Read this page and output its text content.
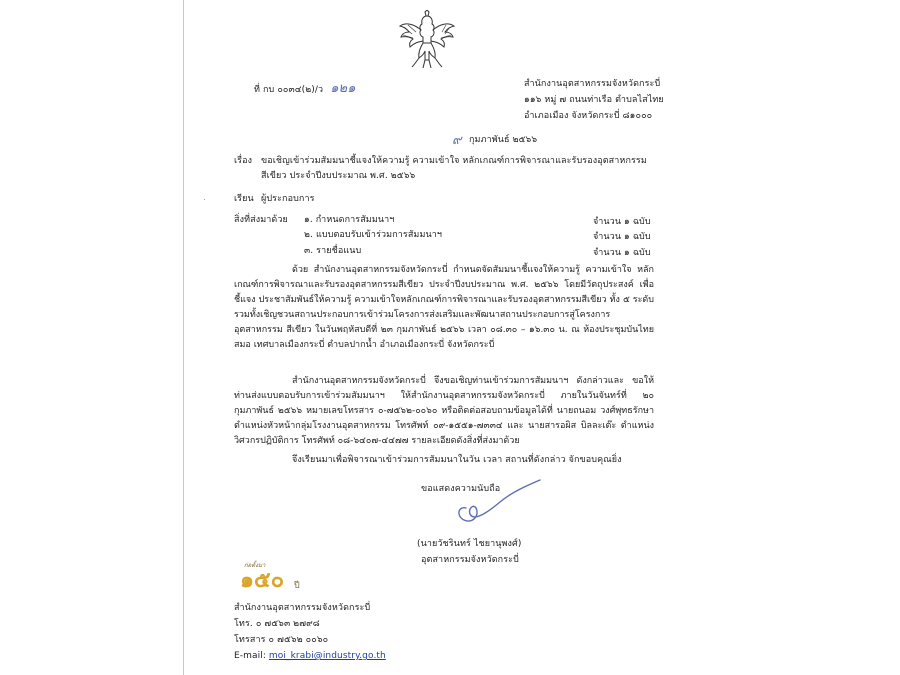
ที่ กบ ๐๐๓๔(๒)/ว ๑๒๑	สำนักงานอุตสาหกรรมจังหวัดกระบี่
๑๑๖ หมู่ ๗ ถนนท่าเรือ ตำบลไสไทย
อำเภอเมือง จังหวัดกระบี่ ๘๑๐๐๐
๙ กุมภาพันธ์ ๒๕๖๖
เรื่อง ขอเชิญเข้าร่วมสัมมนาชี้แจงให้ความรู้ ความเข้าใจ หลักเกณฑ์การพิจารณาและรับรองอุตสาหกรรม
สีเขียว ประจำปีงบประมาณ พ.ศ. ๒๕๖๖
เรียน ผู้ประกอบการ
สิ่งที่ส่งมาด้วย ๑. กำหนดการสัมมนาฯ	จำนวน ๑ ฉบับ
๒. แบบตอบรับเข้าร่วมการสัมมนาฯ	จำนวน ๑ ฉบับ
๓. รายชื่อแนบ	จำนวน ๑ ฉบับ

ด้วย สำนักงานอุตสาหกรรมจังหวัดกระบี่ กำหนดจัดสัมมนาชี้แจงให้ความรู้ ความเข้าใจ หลักเกณฑ์การพิจารณาและรับรองอุตสาหกรรมสีเขียว ประจำปีงบประมาณ พ.ศ. ๒๕๖๖ โดยมีวัตถุประสงค์ เพื่อชี้แจง ประชาสัมพันธ์ให้ความรู้ ความเข้าใจหลักเกณฑ์การพิจารณาและรับรองอุตสาหกรรมสีเขียว ทั้ง ๕ ระดับ รวมทั้งเชิญชวนสถานประกอบการเข้าร่วมโครงการส่งเสริมและพัฒนาสถานประกอบการสู่โครงการอุตสาหกรรม สีเขียว ในวันพฤหัสบดีที่ ๒๓ กุมภาพันธ์ ๒๕๖๖ เวลา ๐๘.๓๐ – ๑๖.๓๐ น. ณ ห้องประชุมบันไทยสมอ เทศบาลเมืองกระบี่ ตำบลปากน้ำ อำเภอเมืองกระบี่ จังหวัดกระบี่

สำนักงานอุตสาหกรรมจังหวัดกระบี่ จึงขอเชิญท่านเข้าร่วมการสัมมนาฯ ดังกล่าวและ ขอให้ท่านส่งแบบตอบรับการเข้าร่วมสัมมนาฯ ให้สำนักงานอุตสาหกรรมจังหวัดกระบี่ ภายในวันจันทร์ที่ ๒๐ กุมภาพันธ์ ๒๕๖๖ หมายเลขโทรสาร ๐-๗๕๖๒-๐๐๖๐ หรือติดต่อสอบถามข้อมูลได้ที่ นายถนอม วงศ์พุทธรักษา ตำแหน่งหัวหน้ากลุ่มโรงงานอุตสาหกรรม โทรศัพท์ ๐๙-๑๕๕๑-๗๓๓๔ และ นายสารอผิส บิลละเต๊ะ ตำแหน่งวิศวกรปฏิบัติการ โทรศัพท์ ๐๘-๖๔๐๗-๔๔๗๗ รายละเอียดดังสิ่งที่ส่งมาด้วย

จึงเรียนมาเพื่อพิจารณาเข้าร่วมการสัมมนาในวัน เวลา สถานที่ดังกล่าว จักขอบคุณยิ่ง
ขอแสดงความนับถือ
(นายวัชรินทร์ ไชยานุพงศ์)
อุตสาหกรรมจังหวัดกระบี่
ก่อตั้งมา
๑๕๐ ปี
สำนักงานอุตสาหกรรมจังหวัดกระบี่
โทร. ๐ ๗๕๖๓ ๒๗๙๘
โทรสาร ๐ ๗๕๖๒ ๐๐๖๐
E-mail: moi_krabi@industry.go.th
